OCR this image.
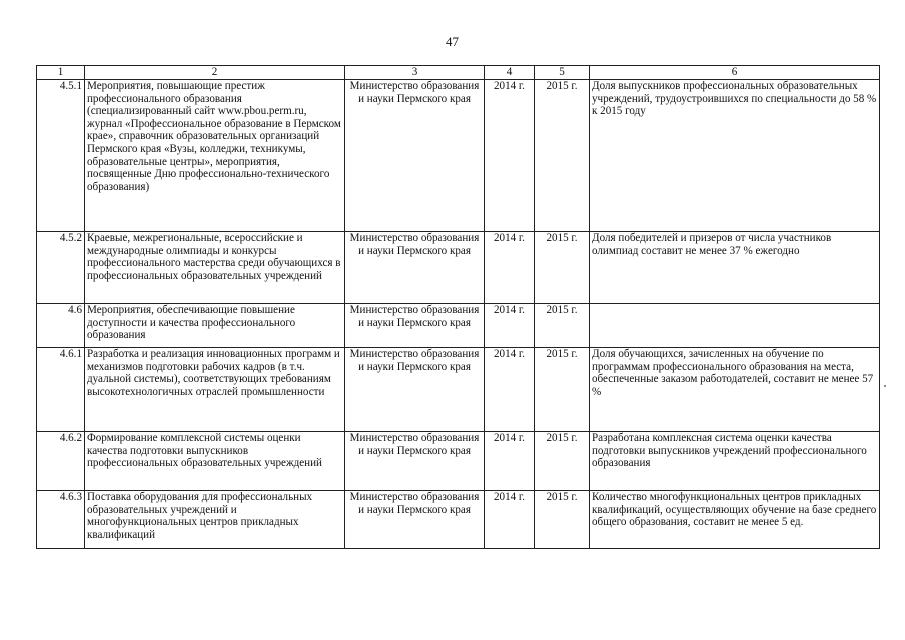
47
1	2	3	4	5	6
4.5.1	Мероприятия, повышающие престиж профессионального образования (специализированный сайт www.pbou.perm.ru, журнал «Профессиональное образование в Пермском крае», справочник образовательных организаций Пермского края «Вузы, колледжи, техникумы, образовательные центры», мероприятия, посвященные Дню профессионально-технического образования)	Министерство образования и науки Пермского края	2014 г.	2015 г.	Доля выпускников профессиональных образовательных учреждений, трудоустроившихся по специальности до 58 % к 2015 году
4.5.2	Краевые, межрегиональные, всероссийские и международные олимпиады и конкурсы профессионального мастерства среди обучающихся в профессиональных образовательных учреждений	Министерство образования и науки Пермского края	2014 г.	2015 г.	Доля победителей и призеров от числа участников олимпиад составит не менее 37 % ежегодно
4.6	Мероприятия, обеспечивающие повышение доступности и качества профессионального образования	Министерство образования и науки Пермского края	2014 г.	2015 г.	
4.6.1	Разработка и реализация инновационных программ и механизмов подготовки рабочих кадров (в т.ч. дуальной системы), соответствующих требованиям высокотехнологичных отраслей промышленности	Министерство образования и науки Пермского края	2014 г.	2015 г.	Доля обучающихся, зачисленных на обучение по программам профессионального образования на места, обеспеченные заказом работодателей, составит не менее 57 %
4.6.2	Формирование комплексной системы оценки качества подготовки выпускников профессиональных образовательных учреждений	Министерство образования и науки Пермского края	2014 г.	2015 г.	Разработана комплексная система оценки качества подготовки выпускников учреждений профессионального образования
4.6.3	Поставка оборудования для профессиональных образовательных учреждений и многофункциональных центров прикладных квалификаций	Министерство образования и науки Пермского края	2014 г.	2015 г.	Количество многофункциональных центров прикладных квалификаций, осуществляющих обучение на базе среднего общего образования, составит не менее 5 ед.
